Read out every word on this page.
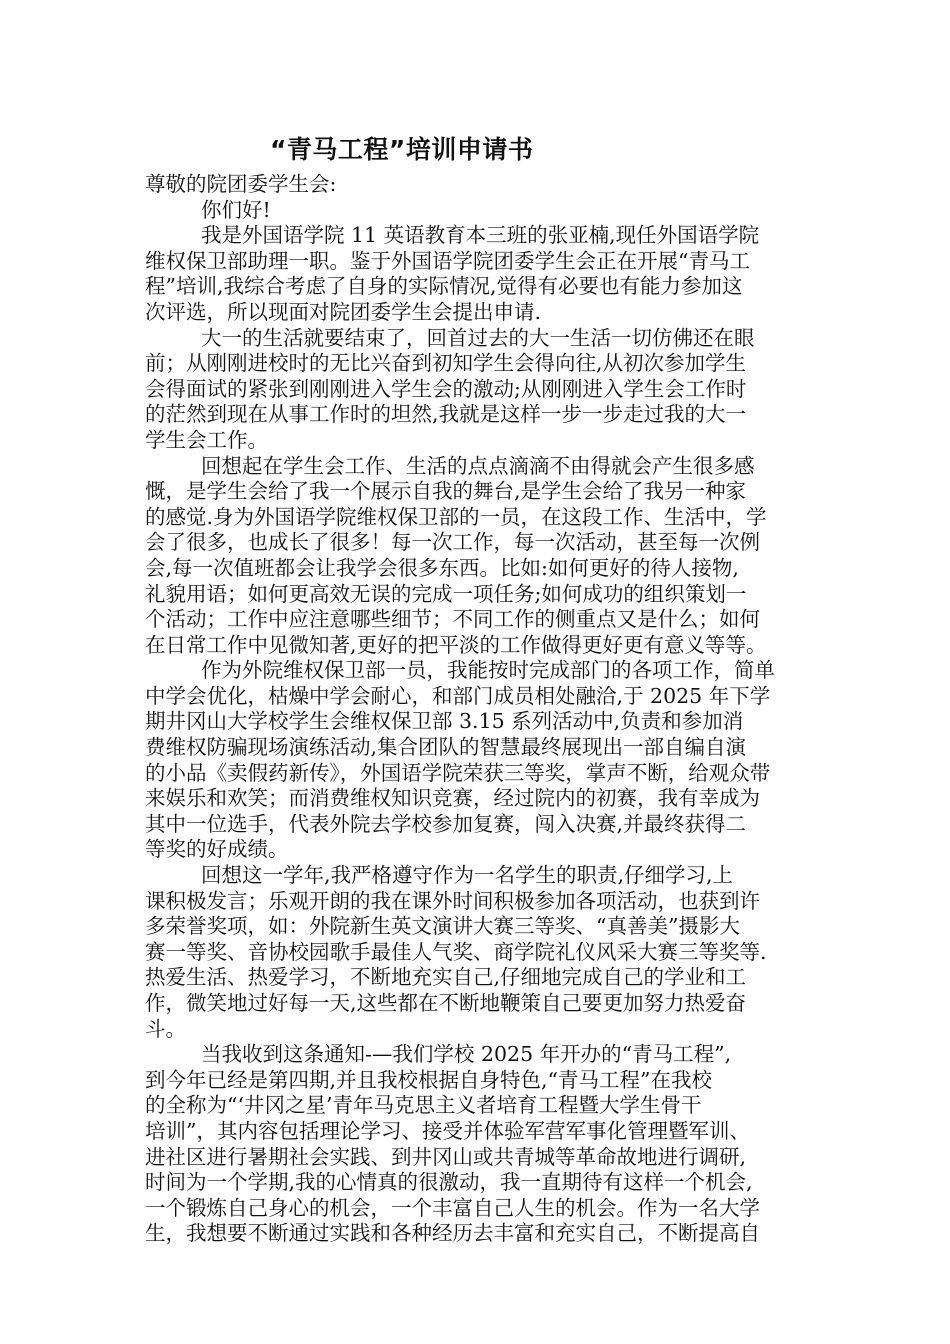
“青马工程”培训申请书
尊敬的院团委学生会:
你们好!
我是外国语学院 11 英语教育本三班的张亚楠,现任外国语学院
维权保卫部助理一职。鉴于外国语学院团委学生会正在开展“青马工
程”培训,我综合考虑了自身的实际情况,觉得有必要也有能力参加这
次评选，所以现面对院团委学生会提出申请.
大一的生活就要结束了，回首过去的大一生活一切仿佛还在眼
前；从刚刚进校时的无比兴奋到初知学生会得向往,从初次参加学生
会得面试的紧张到刚刚进入学生会的激动;从刚刚进入学生会工作时
的茫然到现在从事工作时的坦然,我就是这样一步一步走过我的大一
学生会工作。
回想起在学生会工作、生活的点点滴滴不由得就会产生很多感
慨，是学生会给了我一个展示自我的舞台,是学生会给了我另一种家
的感觉.身为外国语学院维权保卫部的一员，在这段工作、生活中，学
会了很多，也成长了很多！每一次工作，每一次活动，甚至每一次例
会,每一次值班都会让我学会很多东西。比如:如何更好的待人接物,
礼貌用语；如何更高效无误的完成一项任务;如何成功的组织策划一
个活动；工作中应注意哪些细节；不同工作的侧重点又是什么；如何
在日常工作中见微知著,更好的把平淡的工作做得更好更有意义等等。
作为外院维权保卫部一员，我能按时完成部门的各项工作，简单
中学会优化，枯燥中学会耐心，和部门成员相处融洽,于 2025 年下学
期井冈山大学校学生会维权保卫部 3.15 系列活动中,负责和参加消
费维权防骗现场演练活动,集合团队的智慧最终展现出一部自编自演
的小品《卖假药新传》，外国语学院荣获三等奖，掌声不断，给观众带
来娱乐和欢笑；而消费维权知识竞赛，经过院内的初赛，我有幸成为
其中一位选手，代表外院去学校参加复赛，闯入决赛,并最终获得二
等奖的好成绩。
回想这一学年,我严格遵守作为一名学生的职责,仔细学习,上
课积极发言；乐观开朗的我在课外时间积极参加各项活动，也获到许
多荣誉奖项，如：外院新生英文演讲大赛三等奖、“真善美”摄影大
赛一等奖、音协校园歌手最佳人气奖、商学院礼仪风采大赛三等奖等.
热爱生活、热爱学习，不断地充实自己,仔细地完成自己的学业和工
作，微笑地过好每一天,这些都在不断地鞭策自己要更加努力热爱奋
斗。
当我收到这条通知-—我们学校 2025 年开办的“青马工程”,
到今年已经是第四期,并且我校根据自身特色,“青马工程”在我校
的全称为“‘井冈之星’青年马克思主义者培育工程暨大学生骨干
培训”，其内容包括理论学习、接受并体验军营军事化管理暨军训、
进社区进行暑期社会实践、到井冈山或共青城等革命故地进行调研,
时间为一个学期,我的心情真的很激动，我一直期待有这样一个机会,
一个锻炼自己身心的机会，一个丰富自己人生的机会。作为一名大学
生，我想要不断通过实践和各种经历去丰富和充实自己，不断提高自
